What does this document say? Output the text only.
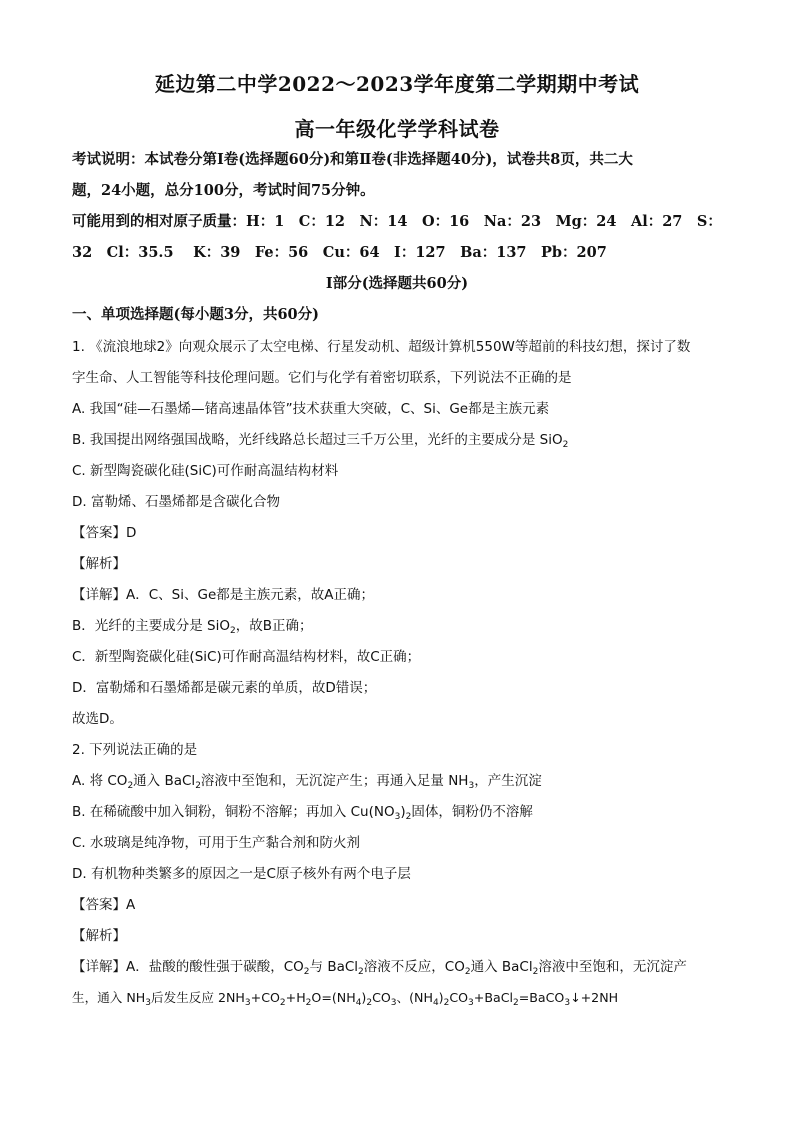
延边第二中学2022～2023学年度第二学期期中考试
高一年级化学学科试卷
考试说明：本试卷分第Ⅰ卷(选择题60分)和第Ⅱ卷(非选择题40分)，试卷共8页，共二大
题，24小题，总分100分，考试时间75分钟。
可能用到的相对原子质量：H：1　C：12　N：14　O：16　Na：23　Mg：24　Al：27　S：
32　Cl：35.5　 K：39　Fe：56　Cu：64　I：127　Ba：137　Pb：207
Ⅰ部分(选择题共60分)
一、单项选择题(每小题3分，共60分)
1. 《流浪地球2》向观众展示了太空电梯、行星发动机、超级计算机550W等超前的科技幻想，探讨了数
字生命、人工智能等科技伦理问题。它们与化学有着密切联系，下列说法不正确的是
A. 我国“硅—石墨烯—锗高速晶体管”技术获重大突破，C、Si、Ge都是主族元素
B. 我国提出网络强国战略，光纤线路总长超过三千万公里，光纤的主要成分是 SiO$_2$
C. 新型陶瓷碳化硅(SiC)可作耐高温结构材料
D. 富勒烯、石墨烯都是含碳化合物
【答案】D
【解析】
【详解】A．C、Si、Ge都是主族元素，故A正确；
B．光纤的主要成分是 SiO$_2$，故B正确；
C．新型陶瓷碳化硅(SiC)可作耐高温结构材料，故C正确；
D．富勒烯和石墨烯都是碳元素的单质，故D错误；
故选D。
2. 下列说法正确的是
A. 将 $CO_2$通入 BaCl$_2$溶液中至饱和，无沉淀产生；再通入足量 $NH_3$，产生沉淀
B. 在稀硫酸中加入铜粉，铜粉不溶解；再加入 $Cu(NO_3)_2$固体，铜粉仍不溶解
C. 水玻璃是纯净物，可用于生产黏合剂和防火剂
D. 有机物种类繁多的原因之一是C原子核外有两个电子层
【答案】A
【解析】
【详解】A．盐酸的酸性强于碳酸，$CO_2$与 BaCl$_2$溶液不反应，$CO_2$通入 BaCl$_2$溶液中至饱和，无沉淀产
生，通入 $NH_3$后发生反应 $2NH_3+CO_2+H_2O=(NH_4)_2CO_3$、$(NH_4)_2CO_3+BaCl_2=BaCO_3↓+2NH$
